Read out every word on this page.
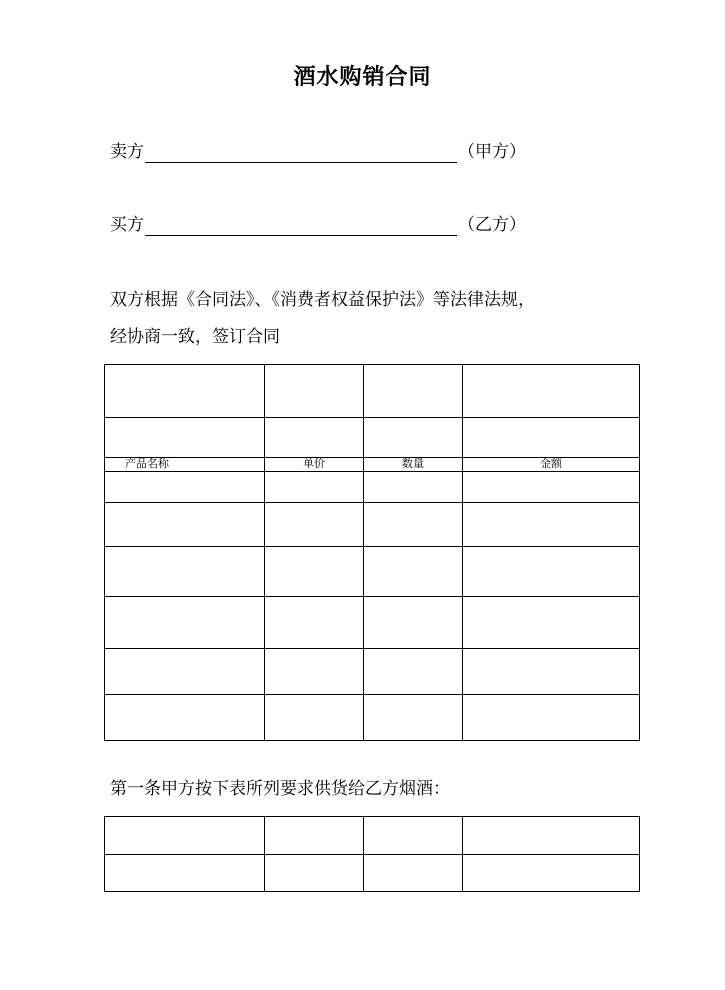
酒水购销合同
卖方	（甲方）
买方	（乙方）
双方根据《合同法》、《消费者权益保护法》等法律法规，
经协商一致，签订合同

产品名称	单价	数量	金额

第一条甲方按下表所列要求供货给乙方烟酒：
